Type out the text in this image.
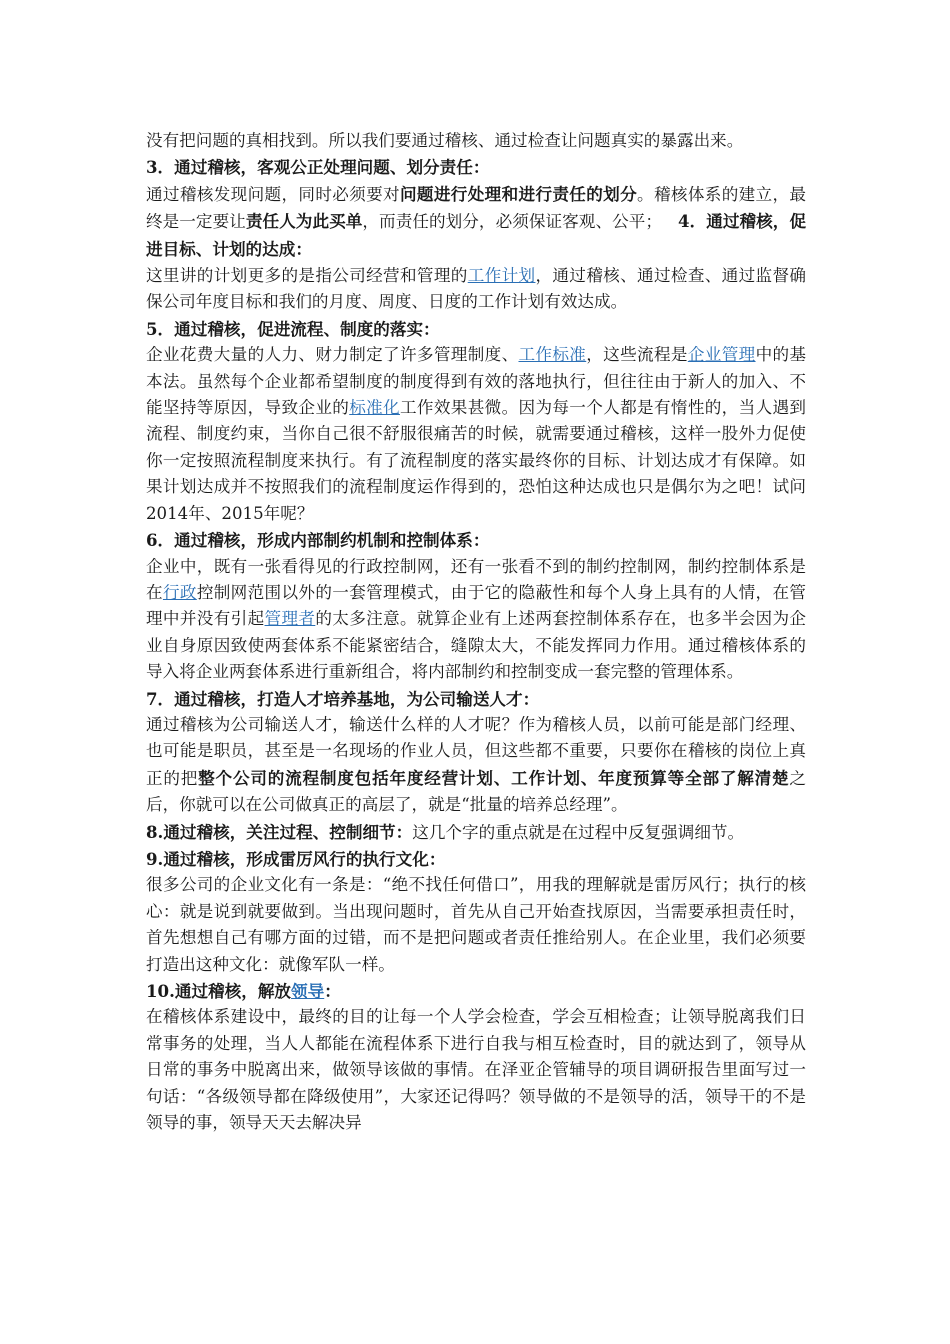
没有把问题的真相找到。所以我们要通过稽核、通过检查让问题真实的暴露出来。

3．通过稽核，客观公正处理问题、划分责任：

通过稽核发现问题，同时必须要对问题进行处理和进行责任的划分。稽核体系的建立，最终是一定要让责任人为此买单，而责任的划分，必须保证客观、公平； 4．通过稽核，促进目标、计划的达成：

这里讲的计划更多的是指公司经营和管理的工作计划，通过稽核、通过检查、通过监督确保公司年度目标和我们的月度、周度、日度的工作计划有效达成。

5．通过稽核，促进流程、制度的落实：

企业花费大量的人力、财力制定了许多管理制度、工作标准，这些流程是企业管理中的基本法。虽然每个企业都希望制度的制度得到有效的落地执行，但往往由于新人的加入、不能坚持等原因，导致企业的标准化工作效果甚微。因为每一个人都是有惰性的，当人遇到流程、制度约束，当你自己很不舒服很痛苦的时候，就需要通过稽核，这样一股外力促使你一定按照流程制度来执行。有了流程制度的落实最终你的目标、计划达成才有保障。如果计划达成并不按照我们的流程制度运作得到的，恐怕这种达成也只是偶尔为之吧！试问2014年、2015年呢？

6．通过稽核，形成内部制约机制和控制体系：

企业中，既有一张看得见的行政控制网，还有一张看不到的制约控制网，制约控制体系是在行政控制网范围以外的一套管理模式，由于它的隐蔽性和每个人身上具有的人情，在管理中并没有引起管理者的太多注意。就算企业有上述两套控制体系存在，也多半会因为企业自身原因致使两套体系不能紧密结合，缝隙太大，不能发挥同力作用。通过稽核体系的导入将企业两套体系进行重新组合，将内部制约和控制变成一套完整的管理体系。

7．通过稽核，打造人才培养基地，为公司输送人才：

通过稽核为公司输送人才，输送什么样的人才呢？作为稽核人员，以前可能是部门经理、也可能是职员，甚至是一名现场的作业人员，但这些都不重要，只要你在稽核的岗位上真正的把整个公司的流程制度包括年度经营计划、工作计划、年度预算等全部了解清楚之后，你就可以在公司做真正的高层了，就是“批量的培养总经理”。

8.通过稽核，关注过程、控制细节：这几个字的重点就是在过程中反复强调细节。

9.通过稽核，形成雷厉风行的执行文化：

很多公司的企业文化有一条是：“绝不找任何借口”，用我的理解就是雷厉风行；执行的核心：就是说到就要做到。当出现问题时，首先从自己开始查找原因，当需要承担责任时，首先想想自己有哪方面的过错，而不是把问题或者责任推给别人。在企业里，我们必须要打造出这种文化：就像军队一样。

10.通过稽核，解放领导：

在稽核体系建设中，最终的目的让每一个人学会检查，学会互相检查；让领导脱离我们日常事务的处理，当人人都能在流程体系下进行自我与相互检查时，目的就达到了，领导从日常的事务中脱离出来，做领导该做的事情。在泽亚企管辅导的项目调研报告里面写过一句话：“各级领导都在降级使用”，大家还记得吗？领导做的不是领导的活，领导干的不是领导的事，领导天天去解决异
